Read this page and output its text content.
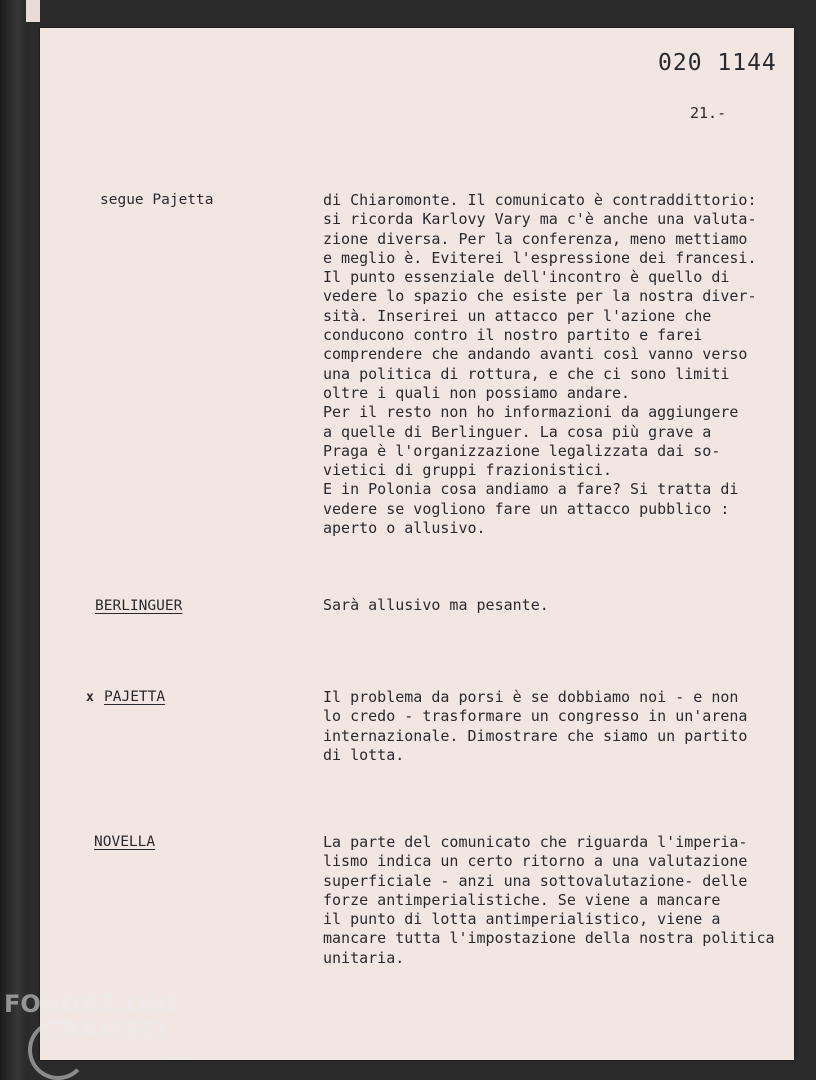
020 1144
21.-
segue Pajetta	di Chiaromonte. Il comunicato è contraddittorio:
si ricorda Karlovy Vary ma c'è anche una valuta-
zione diversa. Per la conferenza, meno mettiamo
e meglio è. Eviterei l'espressione dei francesi.
Il punto essenziale dell'incontro è quello di
vedere lo spazio che esiste per la nostra diver-
sità. Inserirei un attacco per l'azione che
conducono contro il nostro partito e farei
comprendere che andando avanti così vanno verso
una politica di rottura, e che ci sono limiti
oltre i quali non possiamo andare.
Per il resto non ho informazioni da aggiungere
a quelle di Berlinguer. La cosa più grave a
Praga è l'organizzazione legalizzata dai so-
vietici di gruppi frazionistici.
E in Polonia cosa andiamo a fare? Si tratta di
vedere se vogliono fare un attacco pubblico :
aperto o allusivo.
BERLINGUER	Sarà allusivo ma pesante.
x PAJETTA	Il problema da porsi è se dobbiamo noi - e non
lo credo - trasformare un congresso in un'arena
internazionale. Dimostrare che siamo un partito
di lotta.
NOVELLA	La parte del comunicato che riguarda l'imperia-
lismo indica un certo ritorno a una valutazione
superficiale - anzi una sottovalutazione- delle
forze antimperialistiche. Se viene a mancare
il punto di lotta antimperialistico, viene a
mancare tutta l'impostazione della nostra politica
unitaria.
FONDAZIONE
GRAMSCI
onlus
